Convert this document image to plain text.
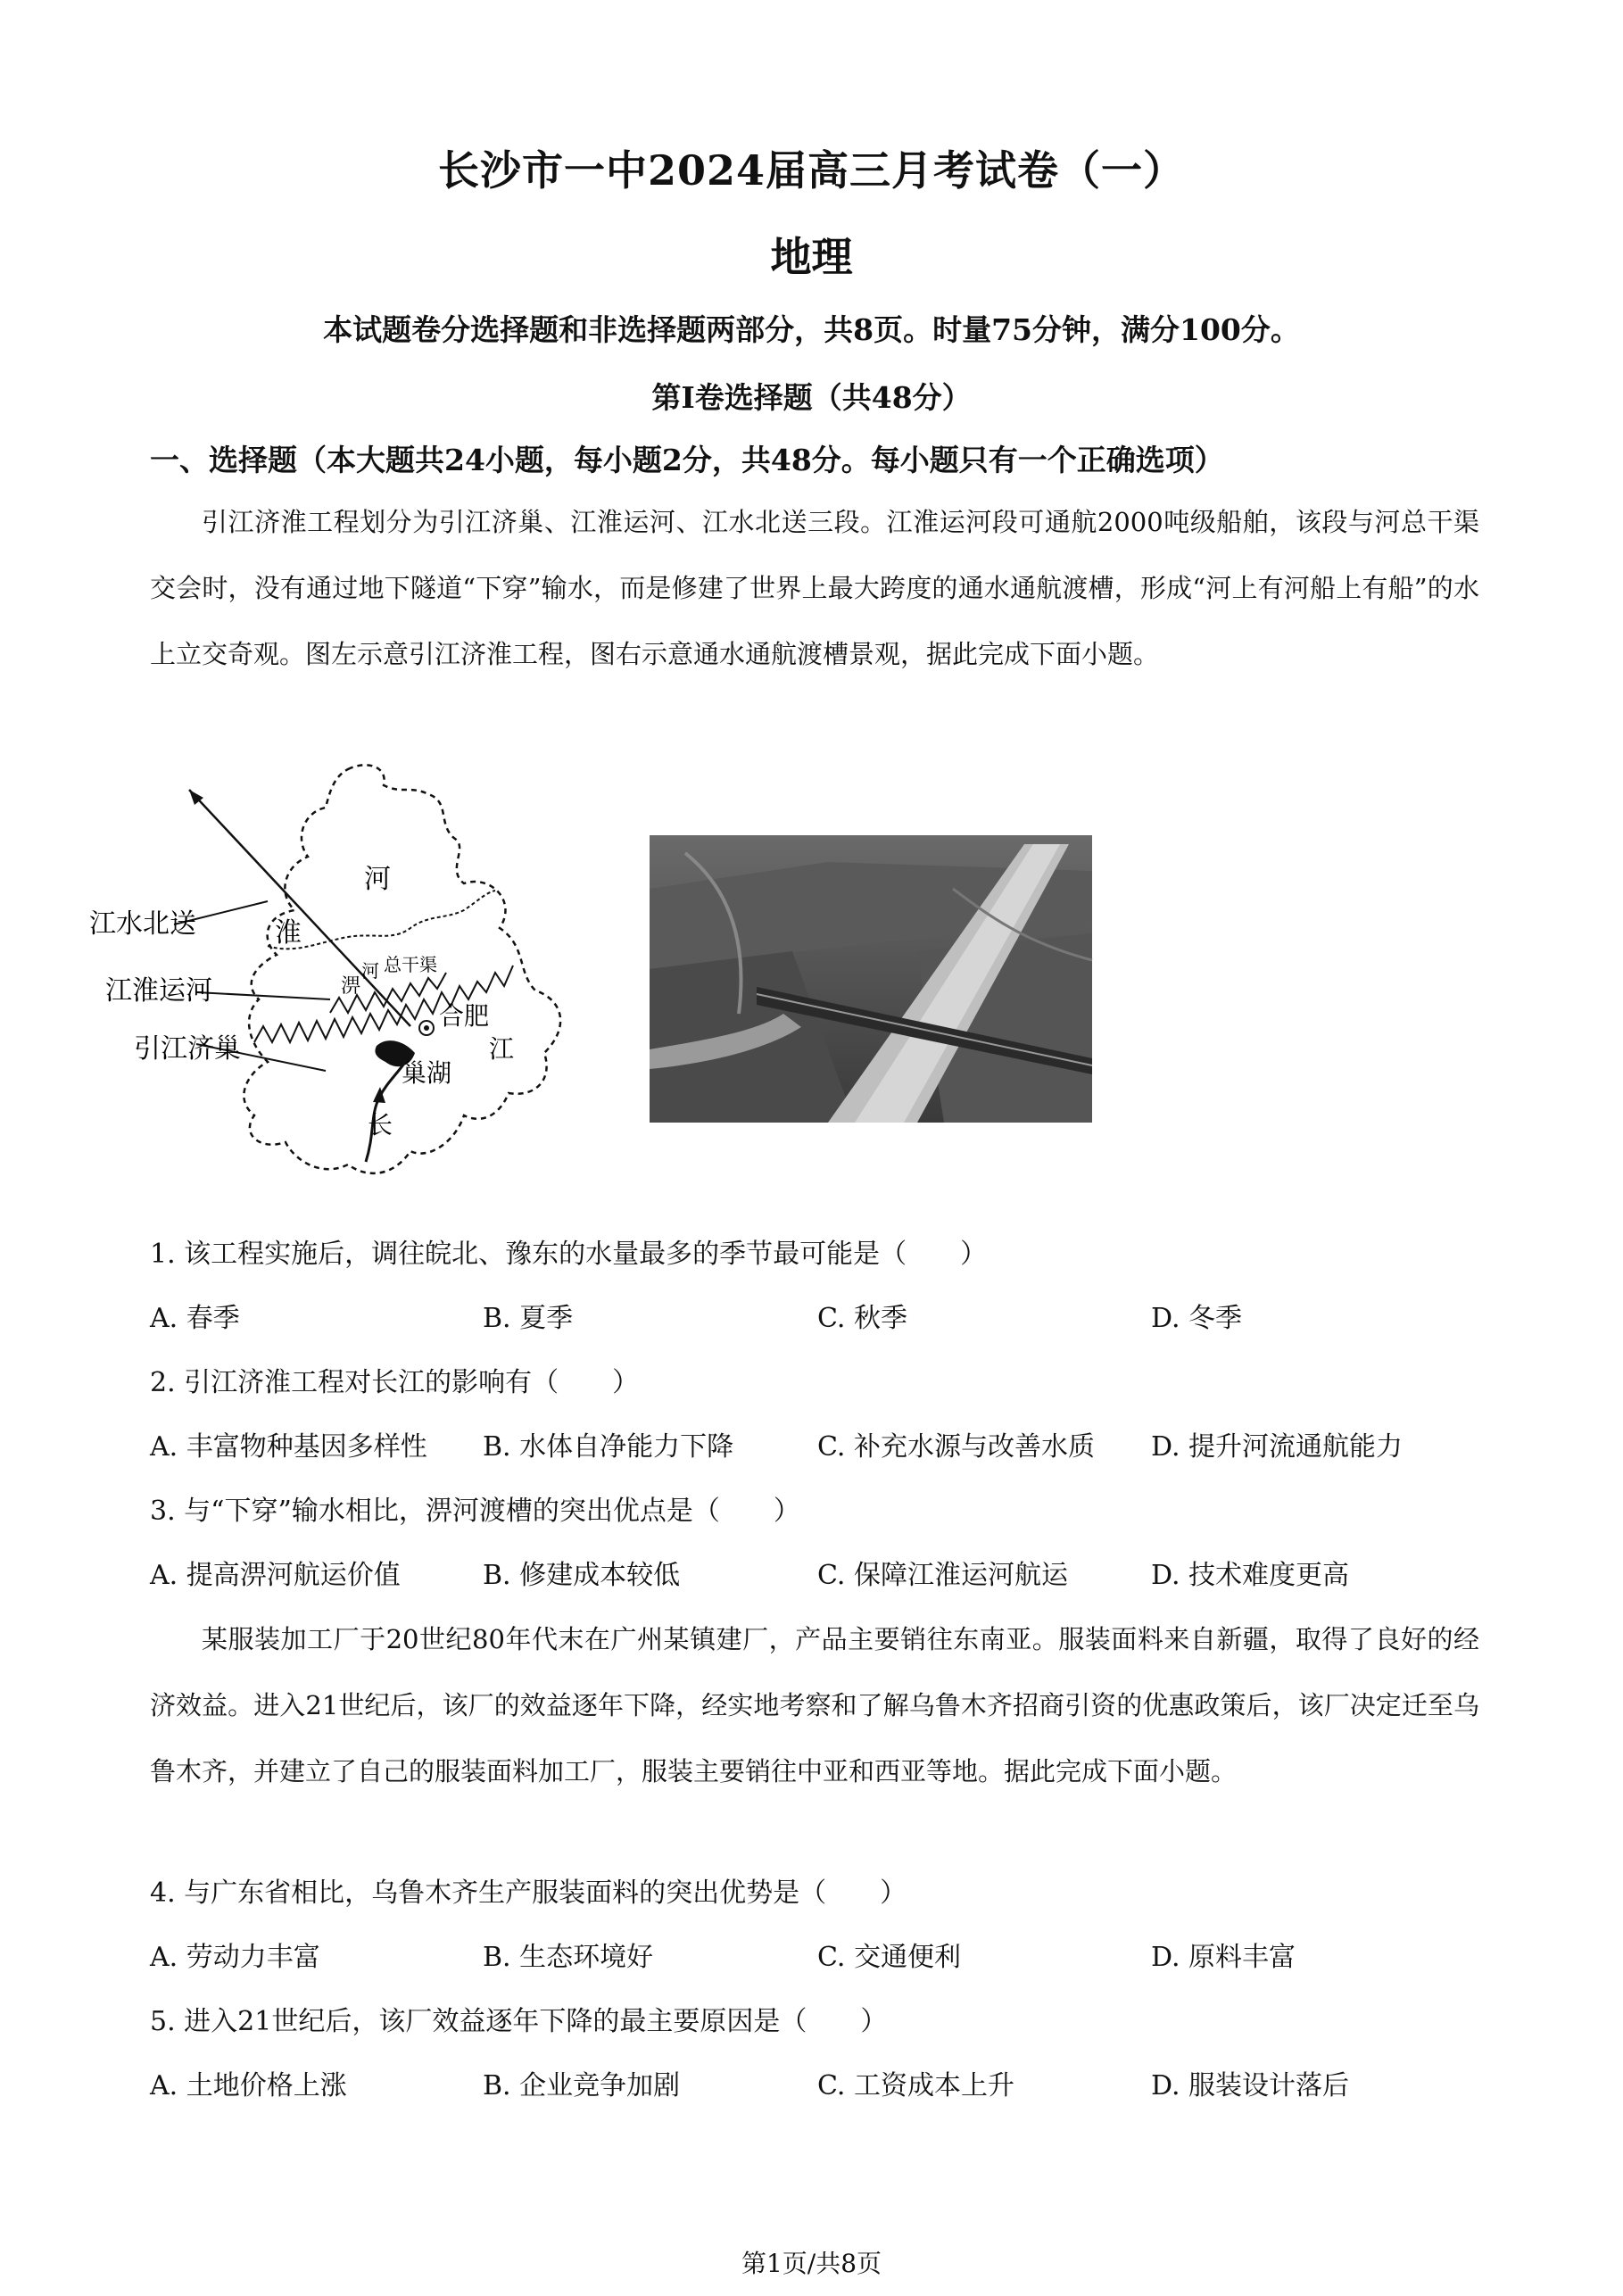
长沙市一中2024届高三月考试卷（一）
地理
本试题卷分选择题和非选择题两部分，共8页。时量75分钟，满分100分。
第Ⅰ卷选择题（共48分）
一、选择题（本大题共24小题，每小题2分，共48分。每小题只有一个正确选项）
引江济淮工程划分为引江济巢、江淮运河、江水北送三段。江淮运河段可通航2000吨级船舶，该段与河总干渠交会时，没有通过地下隧道“下穿”输水，而是修建了世界上最大跨度的通水通航渡槽，形成“河上有河船上有船”的水上立交奇观。图左示意引江济淮工程，图右示意通水通航渡槽景观，据此完成下面小题。
江水北送
江淮运河
引江济巢
河
淮
淠
河 总干渠
合肥
江
巢湖
长
1. 该工程实施后，调往皖北、豫东的水量最多的季节最可能是（　　）
A. 春季	B. 夏季	C. 秋季	D. 冬季
2. 引江济淮工程对长江的影响有（　　）
A. 丰富物种基因多样性 B. 水体自净能力下降	C. 补充水源与改善水质 D. 提升河流通航能力
3. 与“下穿”输水相比，淠河渡槽的突出优点是（　　）
A. 提高淠河航运价值	B. 修建成本较低	C. 保障江淮运河航运	D. 技术难度更高
某服装加工厂于20世纪80年代末在广州某镇建厂，产品主要销往东南亚。服装面料来自新疆，取得了良好的经济效益。进入21世纪后，该厂的效益逐年下降，经实地考察和了解乌鲁木齐招商引资的优惠政策后，该厂决定迁至乌鲁木齐，并建立了自己的服装面料加工厂，服装主要销往中亚和西亚等地。据此完成下面小题。
4. 与广东省相比，乌鲁木齐生产服装面料的突出优势是（　　）
A. 劳动力丰富	B. 生态环境好	C. 交通便利	D. 原料丰富
5. 进入21世纪后，该厂效益逐年下降的最主要原因是（　　）
A. 土地价格上涨	B. 企业竞争加剧	C. 工资成本上升	D. 服装设计落后
第1页/共8页
